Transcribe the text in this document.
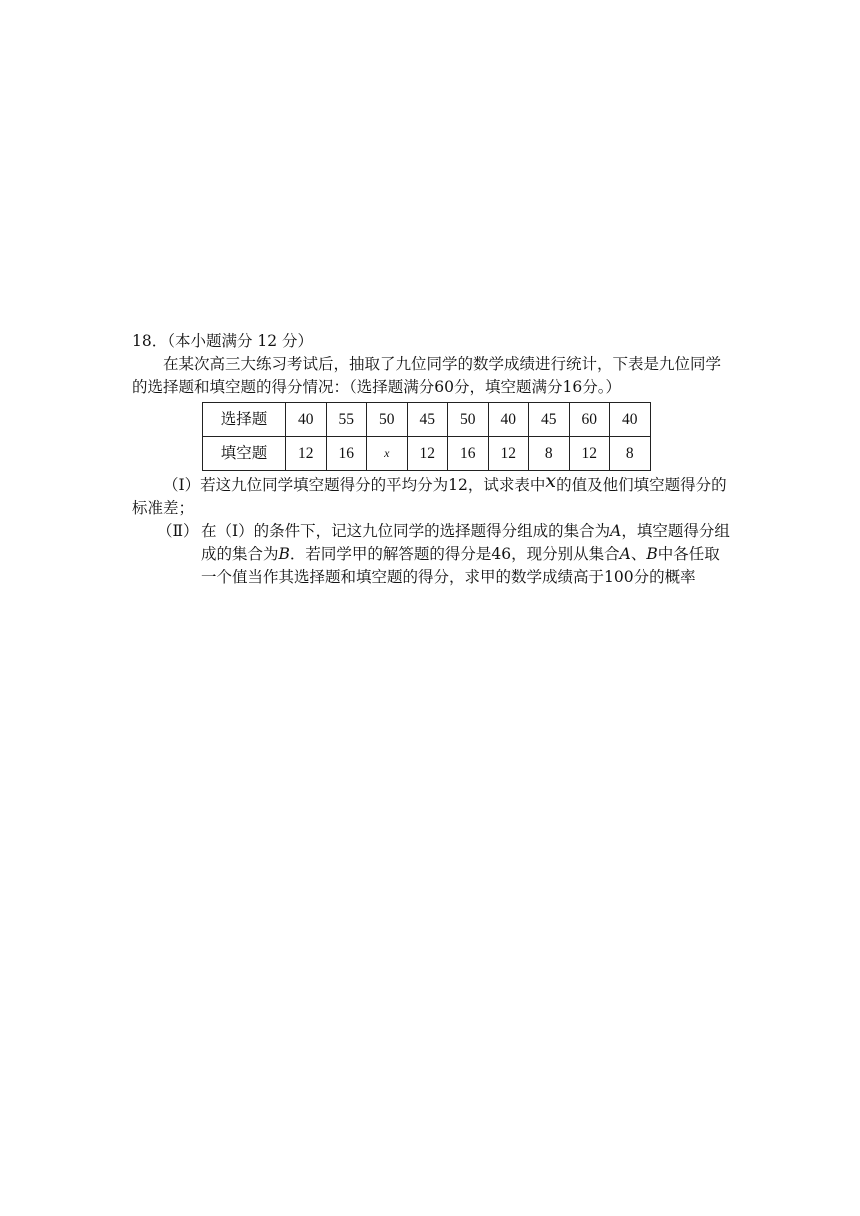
18．（本小题满分 12 分）

在某次高三大练习考试后，抽取了九位同学的数学成绩进行统计，下表是九位同学的选择题和填空题的得分情况：（选择题满分60分，填空题满分16分。）

选择题	40	55	50	45	50	40	45	60	40
填空题	12	16	x	12	16	12	8	12	8

（Ⅰ）若这九位同学填空题得分的平均分为12，试求表中x的值及他们填空题得分的标准差；

（Ⅱ） 在（Ⅰ）的条件下，记这九位同学的选择题得分组成的集合为A，填空题得分组成的集合为B．若同学甲的解答题的得分是46，现分别从集合A、B中各任取一个值当作其选择题和填空题的得分，求甲的数学成绩高于100分的概率
